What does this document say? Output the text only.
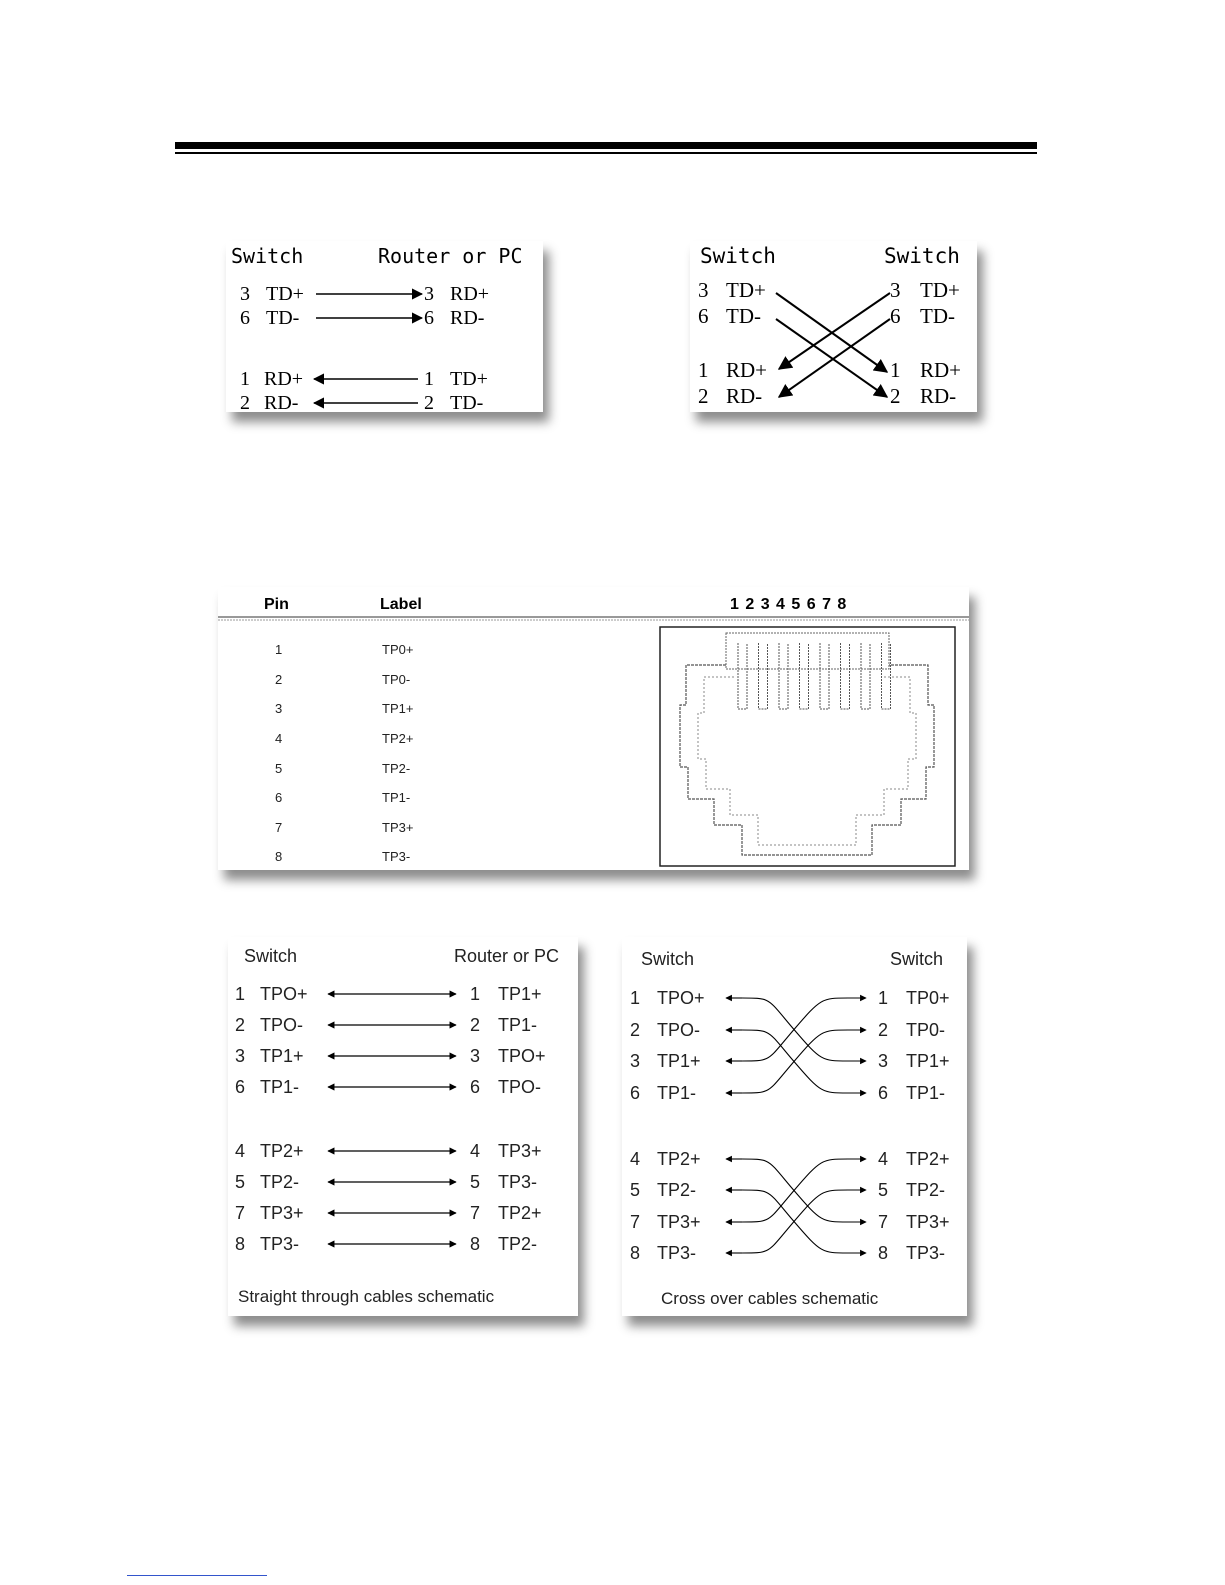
Switch	Router or PC
3 TD+	3 RD+
6 TD-	6 RD-
1 RD+	1 TD+
2 RD-	2 TD-
Switch	Switch
3 TD+	3 TD+
6 TD-	6 TD-
1 RD+	1 RD+
2 RD-	2 RD-
Pin	Label	1 2 3 4 5 6 7 8
1	TP0+
2	TP0-
3	TP1+
4	TP2+
5	TP2-
6	TP1-
7	TP3+
8	TP3-
Switch	Router or PC
1 TPO+	1 TP1+
2 TPO-	2 TP1-
3 TP1+	3 TPO+
6 TP1-	6 TPO-
4 TP2+	4 TP3+
5 TP2-	5 TP3-
7 TP3+	7 TP2+
8 TP3-	8 TP2-
Straight through cables schematic
Switch	Switch
1 TPO+	1 TP0+
2 TPO-	2 TP0-
3 TP1+	3 TP1+
6 TP1-	6 TP1-
4 TP2+	4 TP2+
5 TP2-	5 TP2-
7 TP3+	7 TP3+
8 TP3-	8 TP3-
Cross over cables schematic
